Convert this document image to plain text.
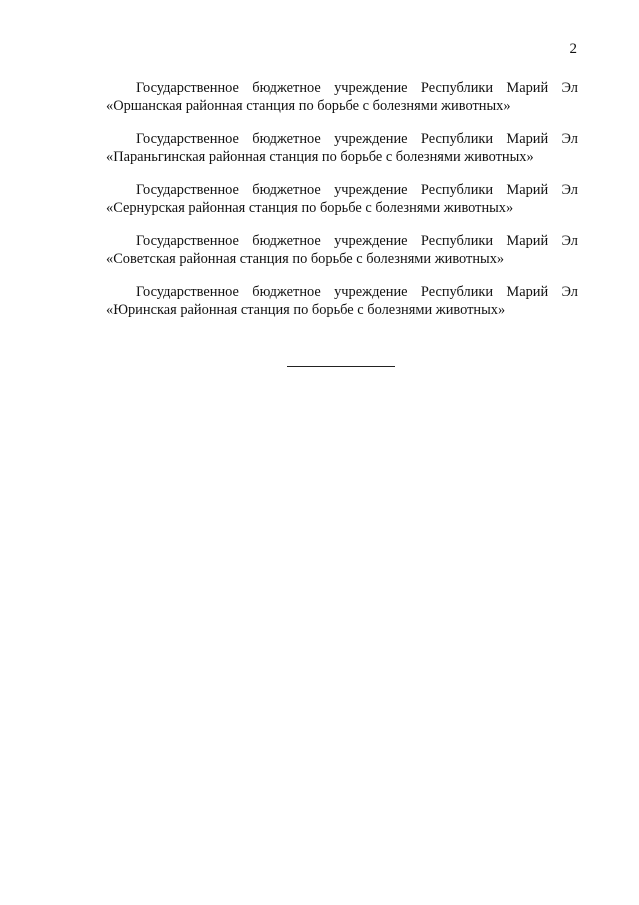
2
Государственное бюджетное учреждение Республики Марий Эл
«Оршанская районная станция по борьбе с болезнями животных»
Государственное бюджетное учреждение Республики Марий Эл
«Параньгинская районная станция по борьбе с болезнями животных»
Государственное бюджетное учреждение Республики Марий Эл
«Сернурская районная станция по борьбе с болезнями животных»
Государственное бюджетное учреждение Республики Марий Эл
«Советская районная станция по борьбе с болезнями животных»
Государственное бюджетное учреждение Республики Марий Эл
«Юринская районная станция по борьбе с болезнями животных»
